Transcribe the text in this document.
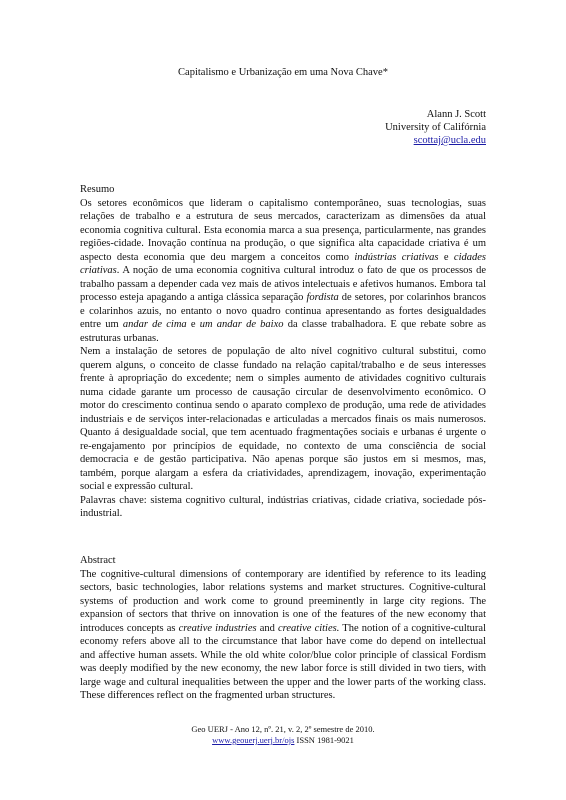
Capitalismo e Urbanização em uma Nova Chave*
Alann J. Scott
University of Califórnia
scottaj@ucla.edu
Resumo

Os setores econômicos que lideram o capitalismo contemporâneo, suas tecnologias, suas relações de trabalho e a estrutura de seus mercados, caracterizam as dimensões da atual economia cognitiva cultural. Esta economia marca a sua presença, particularmente, nas grandes regiões-cidade. Inovação contínua na produção, o que significa alta capacidade criativa é um aspecto desta economia que deu margem a conceitos como indústrias criativas e cidades criativas. A noção de uma economia cognitiva cultural introduz o fato de que os processos de trabalho passam a depender cada vez mais de ativos intelectuais e afetivos humanos. Embora tal processo esteja apagando a antiga clássica separação fordista de setores, por colarinhos brancos e colarinhos azuis, no entanto o novo quadro continua apresentando as fortes desigualdades entre um andar de cima e um andar de baixo da classe trabalhadora. E que rebate sobre as estruturas urbanas.

Nem a instalação de setores de população de alto nível cognitivo cultural substitui, como querem alguns, o conceito de classe fundado na relação capital/trabalho e de seus interesses frente à apropriação do excedente; nem o simples aumento de atividades cognitivo culturais numa cidade garante um processo de causação circular de desenvolvimento econômico. O motor do crescimento continua sendo o aparato complexo de produção, uma rede de atividades industriais e de serviços inter-relacionadas e articuladas a mercados finais os mais numerosos. Quanto á desigualdade social, que tem acentuado fragmentações sociais e urbanas é urgente o re-engajamento por princípios de equidade, no contexto de uma consciência de social democracia e de gestão participativa. Não apenas porque são justos em si mesmos, mas, também, porque alargam a esfera da criatividades, aprendizagem, inovação, experimentação social e expressão cultural.

Palavras chave: sistema cognitivo cultural, indústrias criativas, cidade criativa, sociedade pós-industrial.

Abstract

The cognitive-cultural dimensions of contemporary are identified by reference to its leading sectors, basic technologies, labor relations systems and market structures. Cognitive-cultural systems of production and work come to ground preeminently in large city regions. The expansion of sectors that thrive on innovation is one of the features of the new economy that introduces concepts as creative industries and creative cities. The notion of a cognitive-cultural economy refers above all to the circumstance that labor have come do depend on intellectual and affective human assets. While the old white color/blue color principle of classical Fordism was deeply modified by the new economy, the new labor force is still divided in two tiers, with large wage and cultural inequalities between the upper and the lower parts of the working class. These differences reflect on the fragmented urban structures.

Geo UERJ - Ano 12, nº. 21, v. 2, 2º semestre de 2010.
www.geouerj.uerj.br/ojs ISSN 1981-9021
